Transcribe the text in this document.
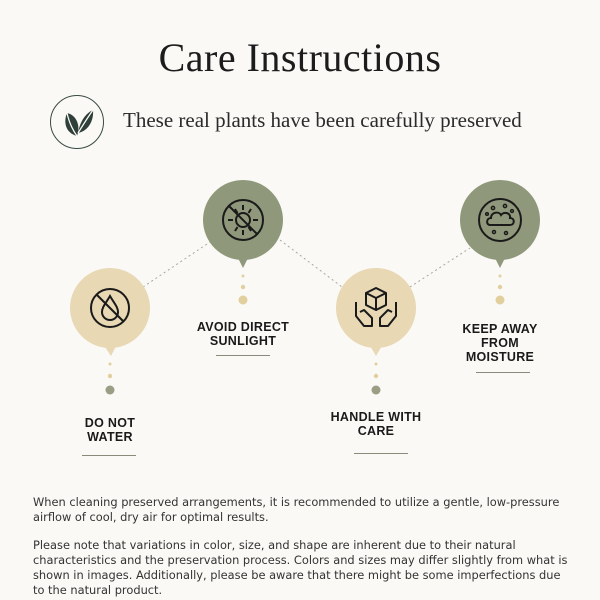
Care Instructions
These real plants have been carefully preserved
DO NOT
WATER
AVOID DIRECT
SUNLIGHT
HANDLE WITH
CARE
KEEP AWAY
FROM
MOISTURE

When cleaning preserved arrangements, it is recommended to utilize a gentle, low-pressure airflow of cool, dry air for optimal results.

Please note that variations in color, size, and shape are inherent due to their natural characteristics and the preservation process. Colors and sizes may differ slightly from what is shown in images. Additionally, please be aware that there might be some imperfections due to the natural product.
